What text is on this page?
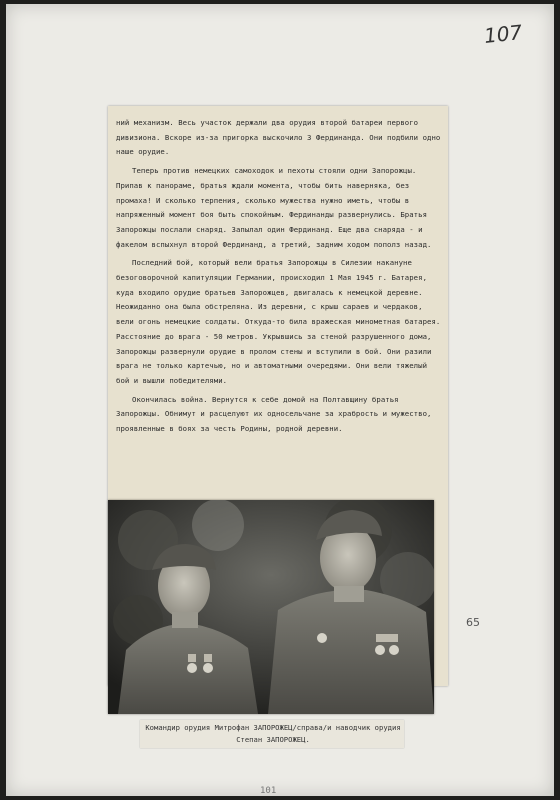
107
65
101

ний механизм. Весь участок держали два орудия второй батареи первого дивизиона. Вскоре из-за пригорка выскочило 3 Фердинанда. Они подбили одно наше орудие.

Теперь против немецких самоходок и пехоты стояли одни Запорожцы. Припав к панораме, братья ждали момента, чтобы бить наверняка, без промаха! И сколько терпения, сколько мужества нужно иметь, чтобы в напряженный момент боя быть спокойным. Фердинанды развернулись. Братья Запорожцы послали снаряд. Запылал один Фердинанд. Еще два снаряда - и факелом вспыхнул второй Фердинанд, а третий, задним ходом пополз назад.

Последний бой, который вели братья Запорожцы в Силезии накануне безоговорочной капитуляции Германии, происходил 1 Мая 1945 г. Батарея, куда входило орудие братьев Запорожцев, двигалась к немецкой деревне. Неожиданно она была обстреляна. Из деревни, с крыш сараев и чердаков, вели огонь немецкие солдаты. Откуда-то била вражеская минометная батарея. Расстояние до врага - 50 метров. Укрывшись за стеной разрушенного дома, Запорожцы развернули орудие в пролом стены и вступили в бой. Они разили врага не только картечью, но и автоматными очередями. Они вели тяжелый бой и вышли победителями.

Окончилась война. Вернутся к себе домой на Полтавщину братья Запорожцы. Обнимут и расцелуют их односельчане за храбрость и мужество, проявленные в боях за честь Родины, родной деревни.

Командир орудия Митрофан ЗАПОРОЖЕЦ/справа/и наводчик орудия Степан ЗАПОРОЖЕЦ.
